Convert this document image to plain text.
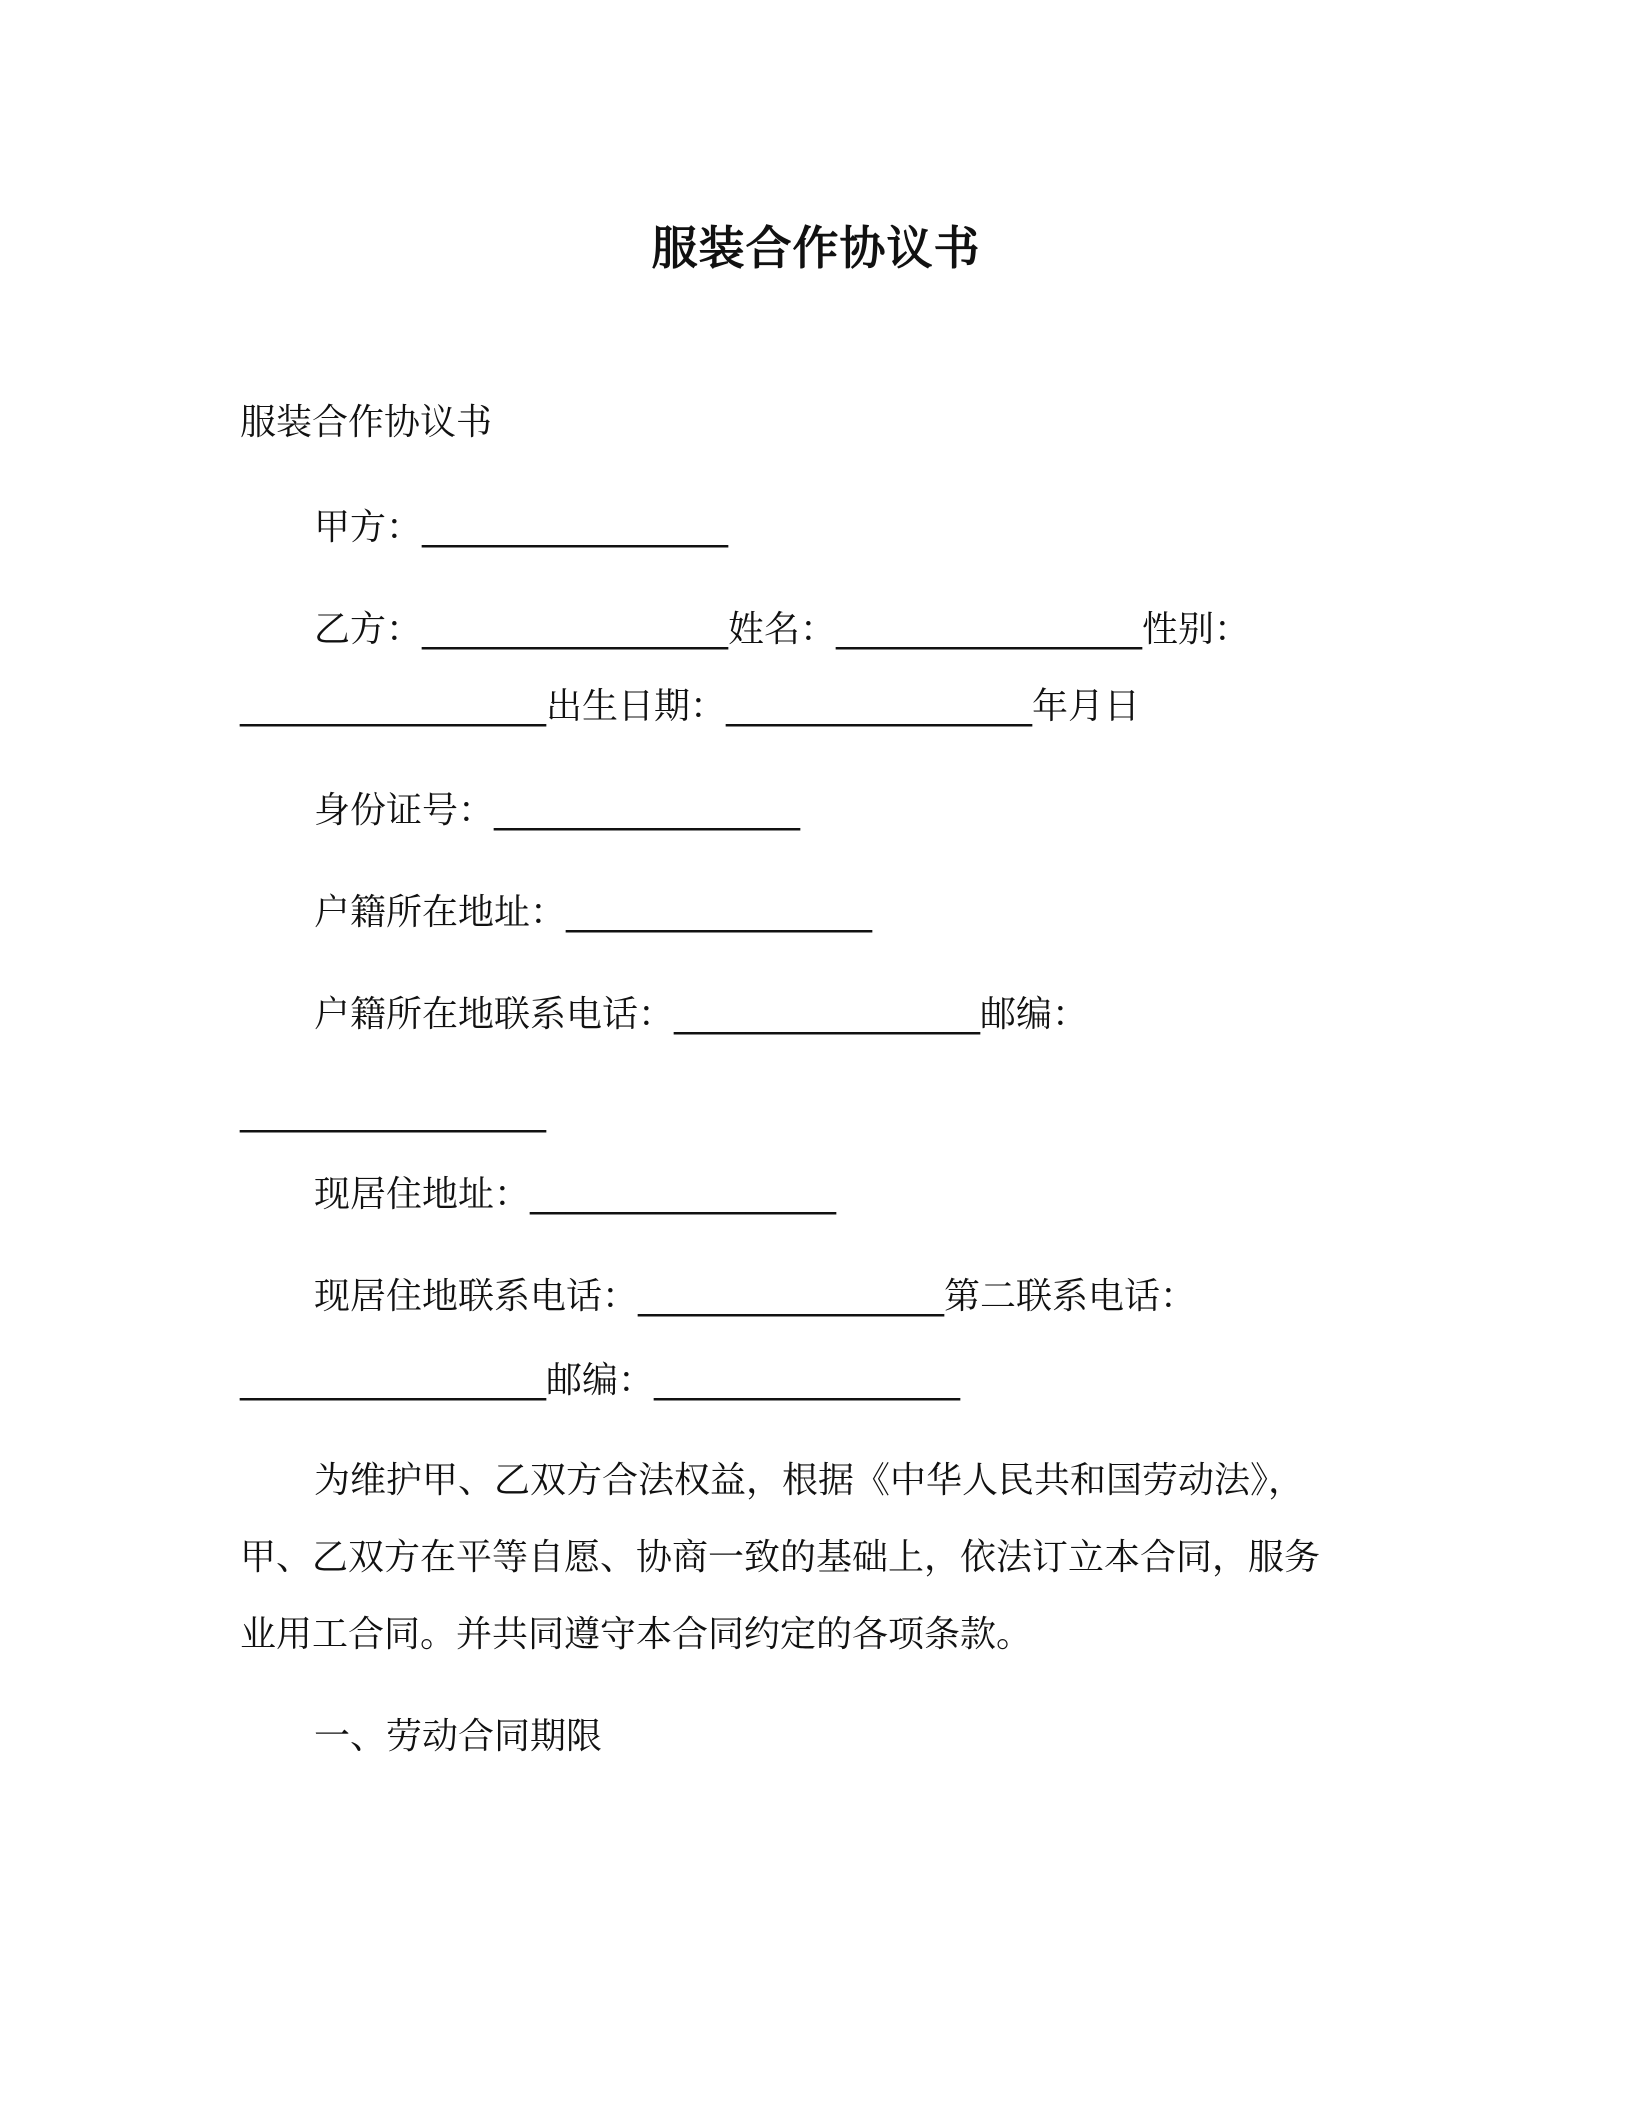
服装合作协议书
服装合作协议书
甲方：_________________
乙方：_________________姓名：_________________性别：
_________________出生日期：_________________年月日
身份证号：_________________
户籍所在地址：_________________
户籍所在地联系电话：_________________邮编：
_________________
现居住地址：_________________
现居住地联系电话：_________________第二联系电话：
_________________邮编：_________________
为维护甲、乙双方合法权益，根据《中华人民共和国劳动法》，
甲、乙双方在平等自愿、协商一致的基础上，依法订立本合同，服务
业用工合同。并共同遵守本合同约定的各项条款。
一、劳动合同期限
